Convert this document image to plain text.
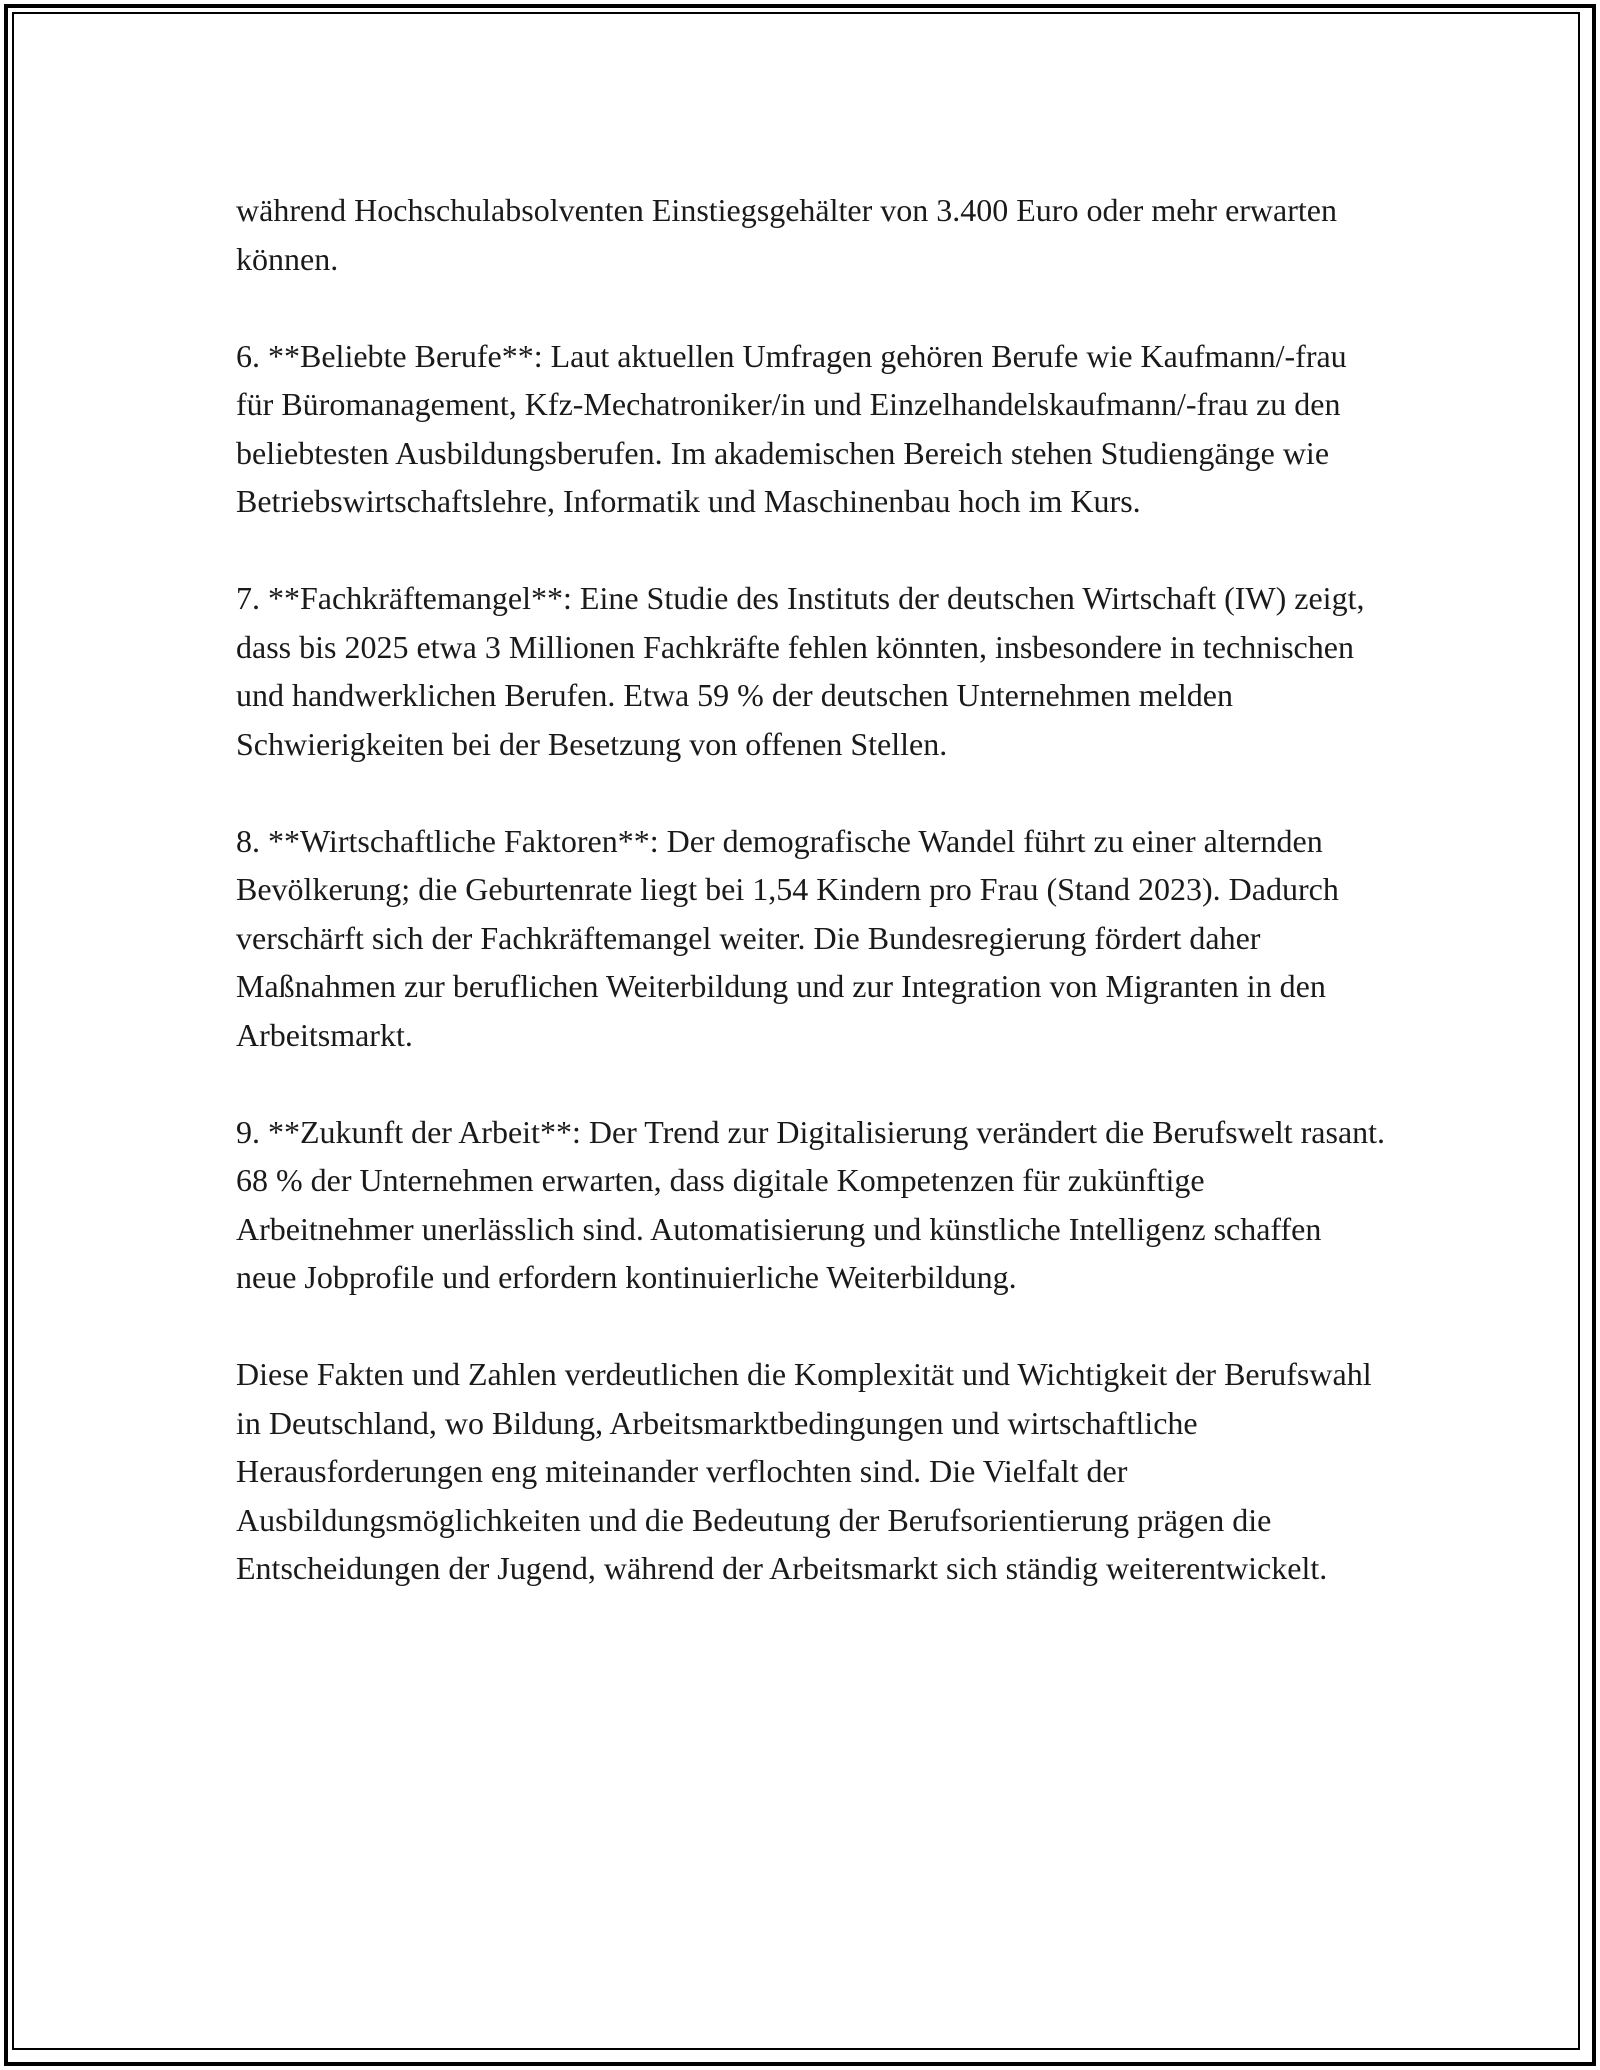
während Hochschulabsolventen Einstiegsgehälter von 3.400 Euro oder mehr erwarten können.

6. **Beliebte Berufe**: Laut aktuellen Umfragen gehören Berufe wie Kaufmann/-frau für Büromanagement, Kfz-Mechatroniker/in und Einzelhandelskaufmann/-frau zu den beliebtesten Ausbildungsberufen. Im akademischen Bereich stehen Studiengänge wie Betriebswirtschaftslehre, Informatik und Maschinenbau hoch im Kurs.

7. **Fachkräftemangel**: Eine Studie des Instituts der deutschen Wirtschaft (IW) zeigt, dass bis 2025 etwa 3 Millionen Fachkräfte fehlen könnten, insbesondere in technischen und handwerklichen Berufen. Etwa 59 % der deutschen Unternehmen melden Schwierigkeiten bei der Besetzung von offenen Stellen.

8. **Wirtschaftliche Faktoren**: Der demografische Wandel führt zu einer alternden Bevölkerung; die Geburtenrate liegt bei 1,54 Kindern pro Frau (Stand 2023). Dadurch verschärft sich der Fachkräftemangel weiter. Die Bundesregierung fördert daher Maßnahmen zur beruflichen Weiterbildung und zur Integration von Migranten in den Arbeitsmarkt.

9. **Zukunft der Arbeit**: Der Trend zur Digitalisierung verändert die Berufswelt rasant. 68 % der Unternehmen erwarten, dass digitale Kompetenzen für zukünftige Arbeitnehmer unerlässlich sind. Automatisierung und künstliche Intelligenz schaffen neue Jobprofile und erfordern kontinuierliche Weiterbildung.

Diese Fakten und Zahlen verdeutlichen die Komplexität und Wichtigkeit der Berufswahl in Deutschland, wo Bildung, Arbeitsmarktbedingungen und wirtschaftliche Herausforderungen eng miteinander verflochten sind. Die Vielfalt der Ausbildungsmöglichkeiten und die Bedeutung der Berufsorientierung prägen die Entscheidungen der Jugend, während der Arbeitsmarkt sich ständig weiterentwickelt.
